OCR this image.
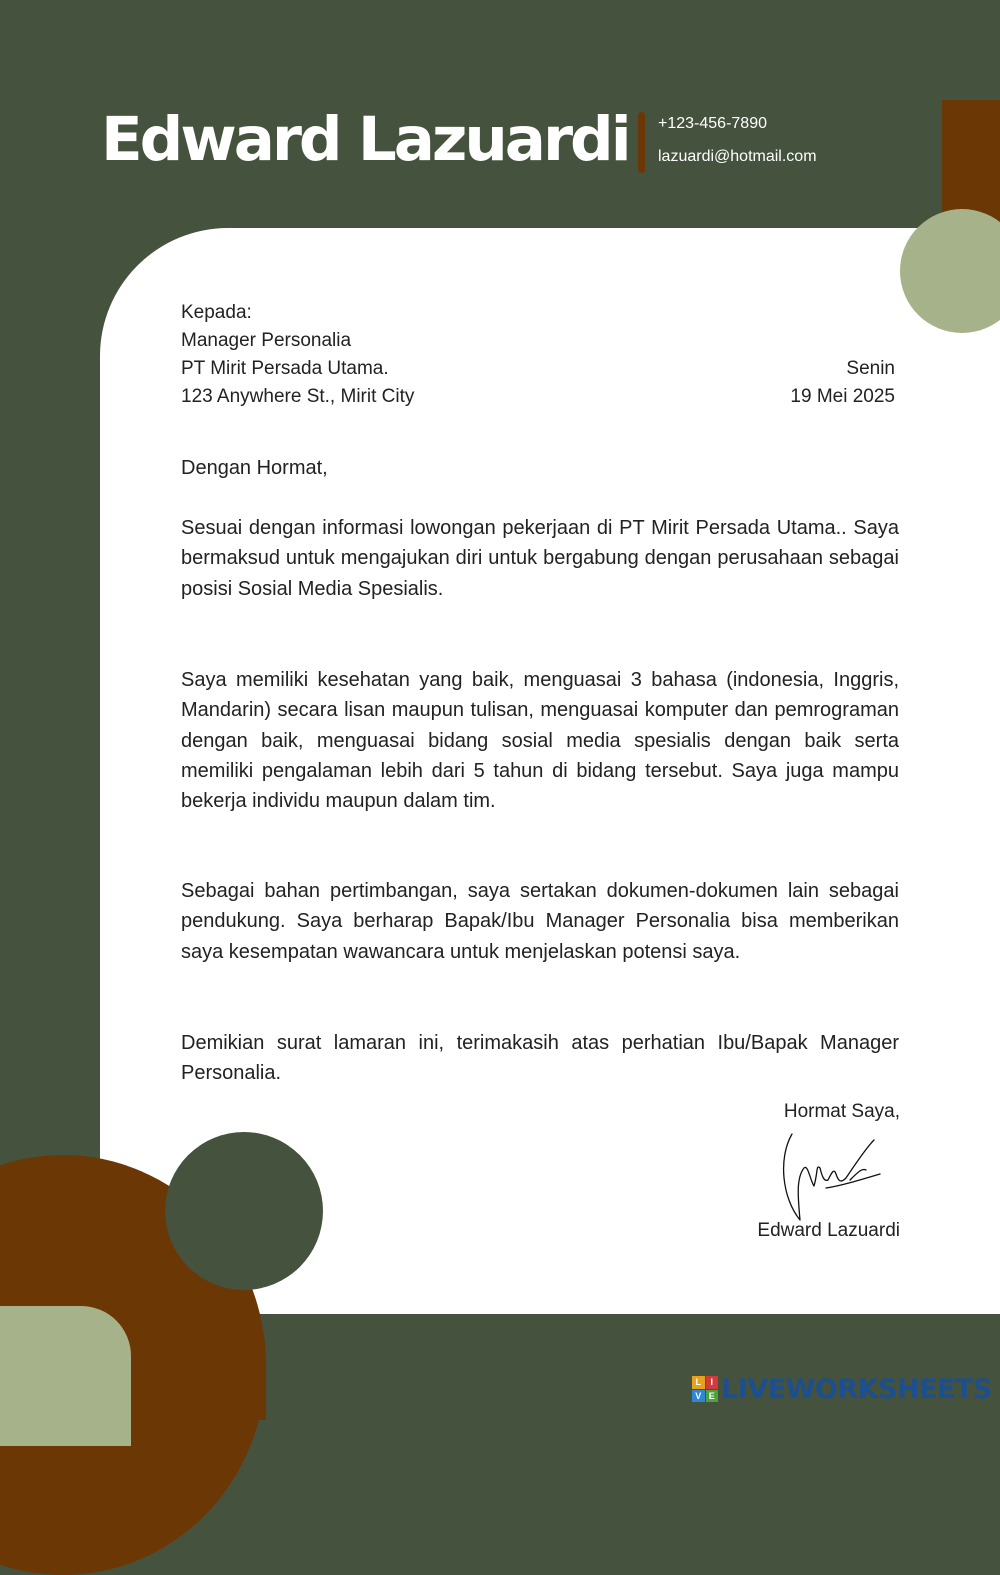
Edward Lazuardi +123-456-7890
lazuardi@hotmail.com
Kepada:
Manager Personalia
PT Mirit Persada Utama.
123 Anywhere St., Mirit City
Senin
19 Mei 2025
Dengan Hormat,

Sesuai dengan informasi lowongan pekerjaan di PT Mirit Persada Utama.. Saya bermaksud untuk mengajukan diri untuk bergabung dengan perusahaan sebagai posisi Sosial Media Spesialis.

Saya memiliki kesehatan yang baik, menguasai 3 bahasa (indonesia, Inggris, Mandarin) secara lisan maupun tulisan, menguasai komputer dan pemrograman dengan baik, menguasai bidang sosial media spesialis dengan baik serta memiliki pengalaman lebih dari 5 tahun di bidang tersebut. Saya juga mampu bekerja individu maupun dalam tim.

Sebagai bahan pertimbangan, saya sertakan dokumen-dokumen lain sebagai pendukung. Saya berharap Bapak/Ibu Manager Personalia bisa memberikan saya kesempatan wawancara untuk menjelaskan potensi saya.

Demikian surat lamaran ini, terimakasih atas perhatian Ibu/Bapak Manager Personalia.

Hormat Saya,
Edward Lazuardi
L	I
V E LIVEWORKSHEETS
